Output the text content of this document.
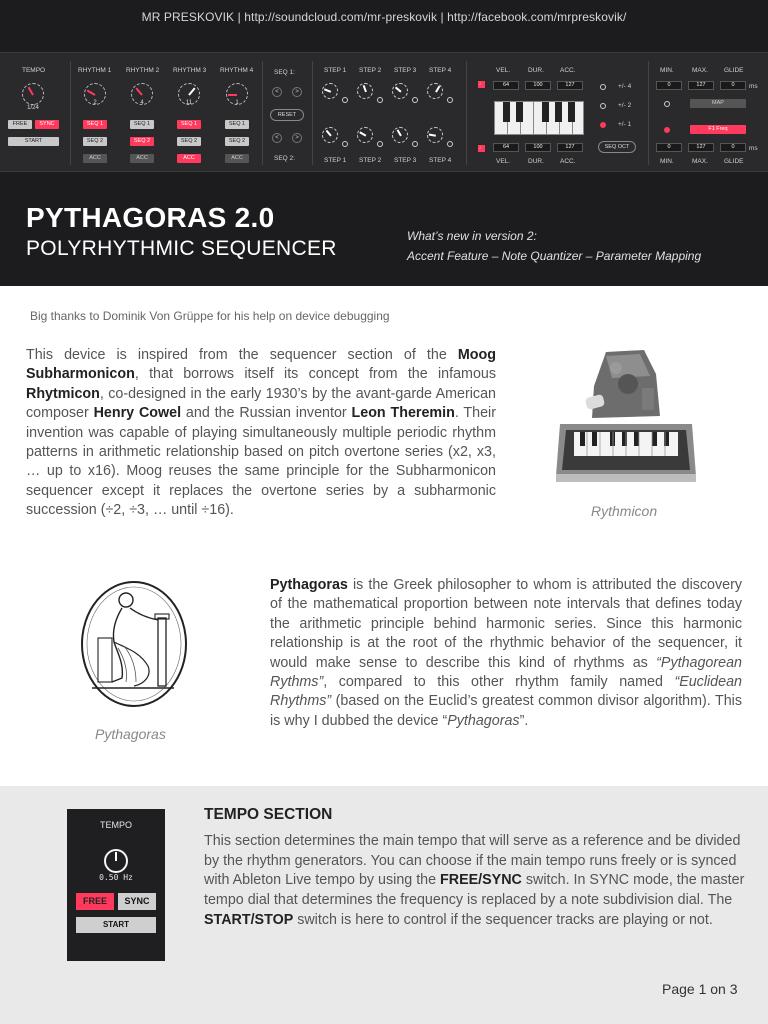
MR PRESKOVIK | http://soundcloud.com/mr-preskovik | http://facebook.com/mrpreskovik/
TEMPO
1/24
FREE	SYNC
START
RHYTHM 1
2
SEQ 1
SEQ 2
ACC
RHYTHM 2
4
SEQ 1
SEQ 2
ACC
RHYTHM 3
11
SEQ 1
SEQ 2
ACC
RHYTHM 4
1
SEQ 1
SEQ 2
ACC
SEQ 1:
<	>
RESET
<	>
SEQ 2:
STEP 1 STEP 2 STEP 3 STEP 4
STEP 1 STEP 2 STEP 3 STEP 4
♩
VEL.	DUR. ACC.
64	100	127
♩	64	100	127
VEL.	DUR. ACC.
+/- 4
+/- 2
+/- 1
SEQ OCT
MIN.	MAX. GLIDE
0	127	0	ms
MAP
F1 Freq
0	127	0	ms
MIN.	MAX. GLIDE
PYTHAGORAS 2.0
POLYRHYTHMIC SEQUENCER
What’s new in version 2:
Accent Feature – Note Quantizer – Parameter Mapping
Big thanks to Dominik Von Grüppe for his help on device debugging
This device is inspired from the sequencer section of the Moog Subharmonicon, that borrows itself its concept from the infamous Rhytmicon, co-designed in the early 1930’s by the avant-garde American composer Henry Cowel and the Russian inventor Leon Theremin. Their invention was capable of playing simultaneously multiple periodic rhythm patterns in arithmetic relationship based on pitch overtone series (x2, x3, … up to x16). Moog reuses the same principle for the Subharmonicon sequencer except it replaces the overtone series by a subharmonic succession (÷2, ÷3, … until ÷16).	Rythmicon
Pythagoras
Pythagoras is the Greek philosopher to whom is attributed the discovery of the mathematical proportion between note intervals that defines today the arithmetic principle behind harmonic series. Since this harmonic relationship is at the root of the rhythmic behavior of the sequencer, it would make sense to describe this kind of rhythms as “Pythagorean Rythms”, compared to this other rhythm family named “Euclidean Rhythms” (based on the Euclid’s greatest common divisor algorithm). This is why I dubbed the device “Pythagoras”.
TEMPO
0.50 Hz
FREE	SYNC
START
TEMPO SECTION
This section determines the main tempo that will serve as a reference and be divided by the rhythm generators. You can choose if the main tempo runs freely or is synced with Ableton Live tempo by using the FREE/SYNC switch. In SYNC mode, the master tempo dial that determines the frequency is replaced by a note subdivision dial. The START/STOP switch is here to control if the sequencer tracks are playing or not.
Page 1 on 3
